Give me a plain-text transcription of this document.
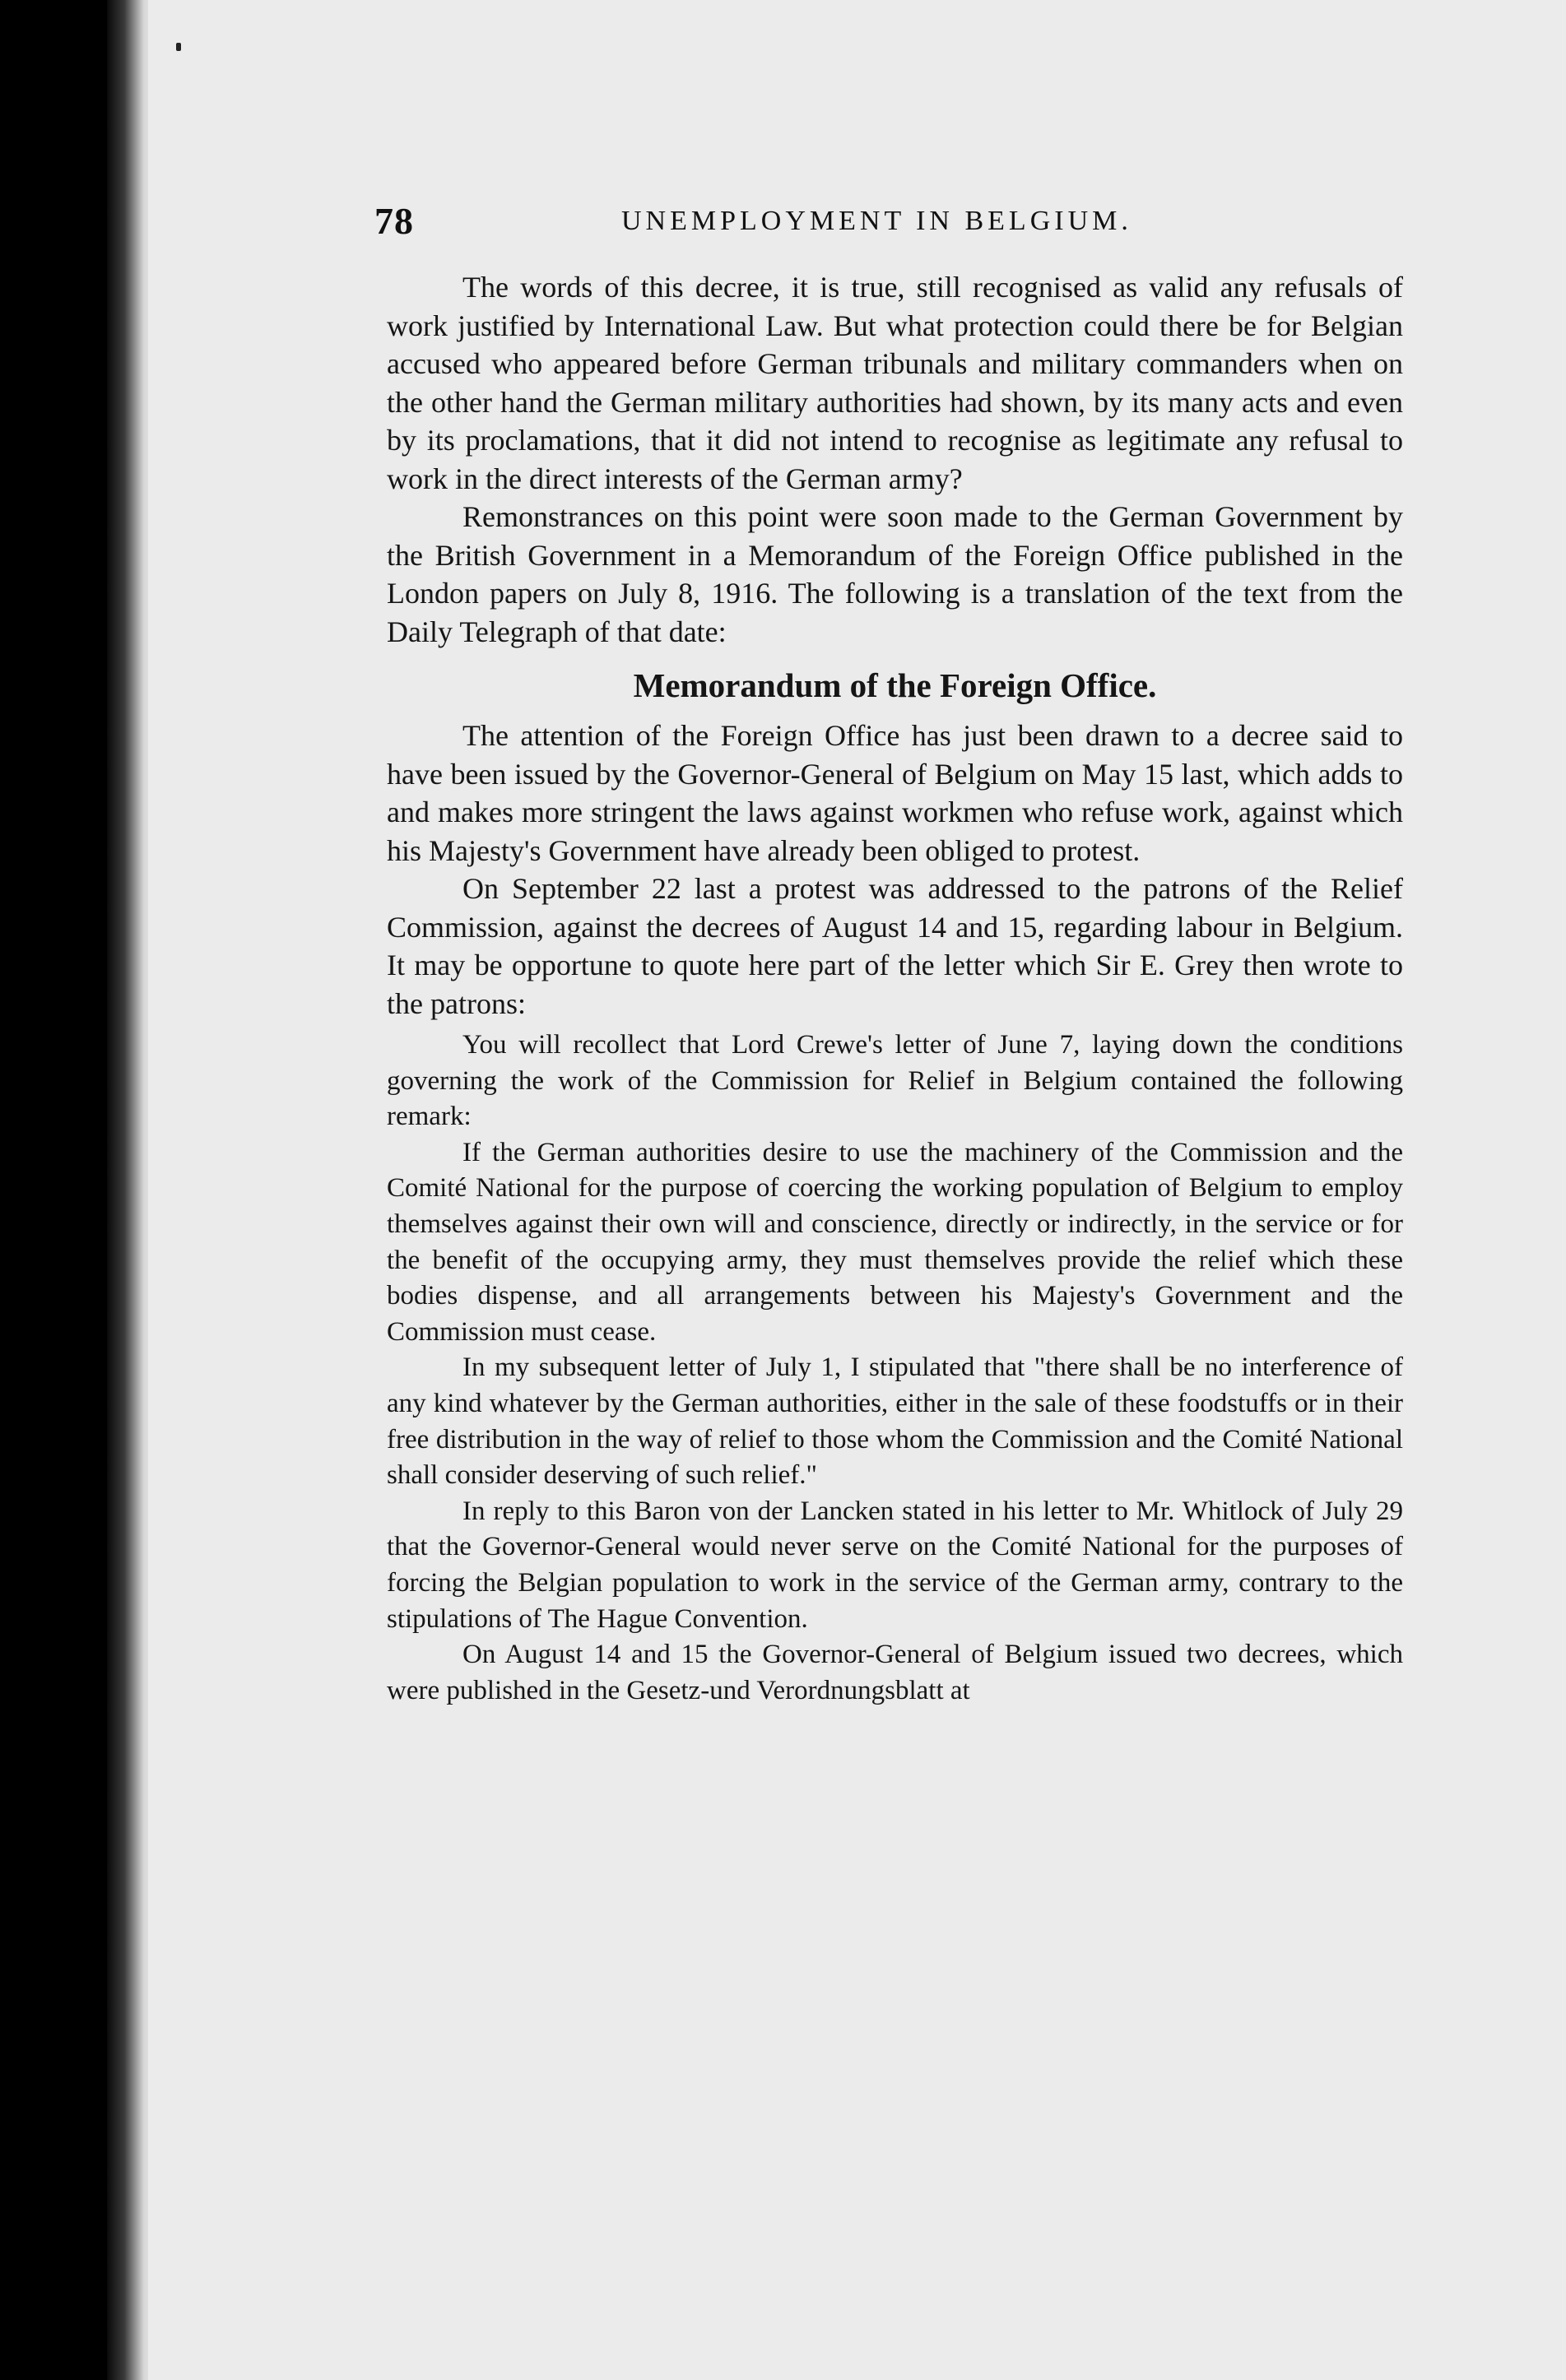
78	UNEMPLOYMENT IN BELGIUM.

The words of this decree, it is true, still recognised as valid any refusals of work justified by International Law. But what protection could there be for Belgian accused who appeared before German tribunals and military commanders when on the other hand the German military authorities had shown, by its many acts and even by its proclamations, that it did not intend to recognise as legitimate any refusal to work in the direct interests of the German army?

Remonstrances on this point were soon made to the German Government by the British Government in a Memorandum of the Foreign Office published in the London papers on July 8, 1916. The following is a translation of the text from the Daily Telegraph of that date:

Memorandum of the Foreign Office.

The attention of the Foreign Office has just been drawn to a decree said to have been issued by the Governor-General of Belgium on May 15 last, which adds to and makes more stringent the laws against workmen who refuse work, against which his Majesty's Government have already been obliged to protest.

On September 22 last a protest was addressed to the patrons of the Relief Commission, against the decrees of August 14 and 15, regarding labour in Belgium. It may be opportune to quote here part of the letter which Sir E. Grey then wrote to the patrons:

You will recollect that Lord Crewe's letter of June 7, laying down the conditions governing the work of the Commission for Relief in Belgium contained the following remark:

If the German authorities desire to use the machinery of the Commission and the Comité National for the purpose of coercing the working population of Belgium to employ themselves against their own will and conscience, directly or indirectly, in the service or for the benefit of the occupying army, they must themselves provide the relief which these bodies dispense, and all arrangements between his Majesty's Government and the Commission must cease.

In my subsequent letter of July 1, I stipulated that "there shall be no interference of any kind whatever by the German authorities, either in the sale of these foodstuffs or in their free distribution in the way of relief to those whom the Commission and the Comité National shall consider deserving of such relief."

In reply to this Baron von der Lancken stated in his letter to Mr. Whitlock of July 29 that the Governor-General would never serve on the Comité National for the purposes of forcing the Belgian population to work in the service of the German army, contrary to the stipulations of The Hague Convention.

On August 14 and 15 the Governor-General of Belgium issued two decrees, which were published in the Gesetz-und Verordnungsblatt at
